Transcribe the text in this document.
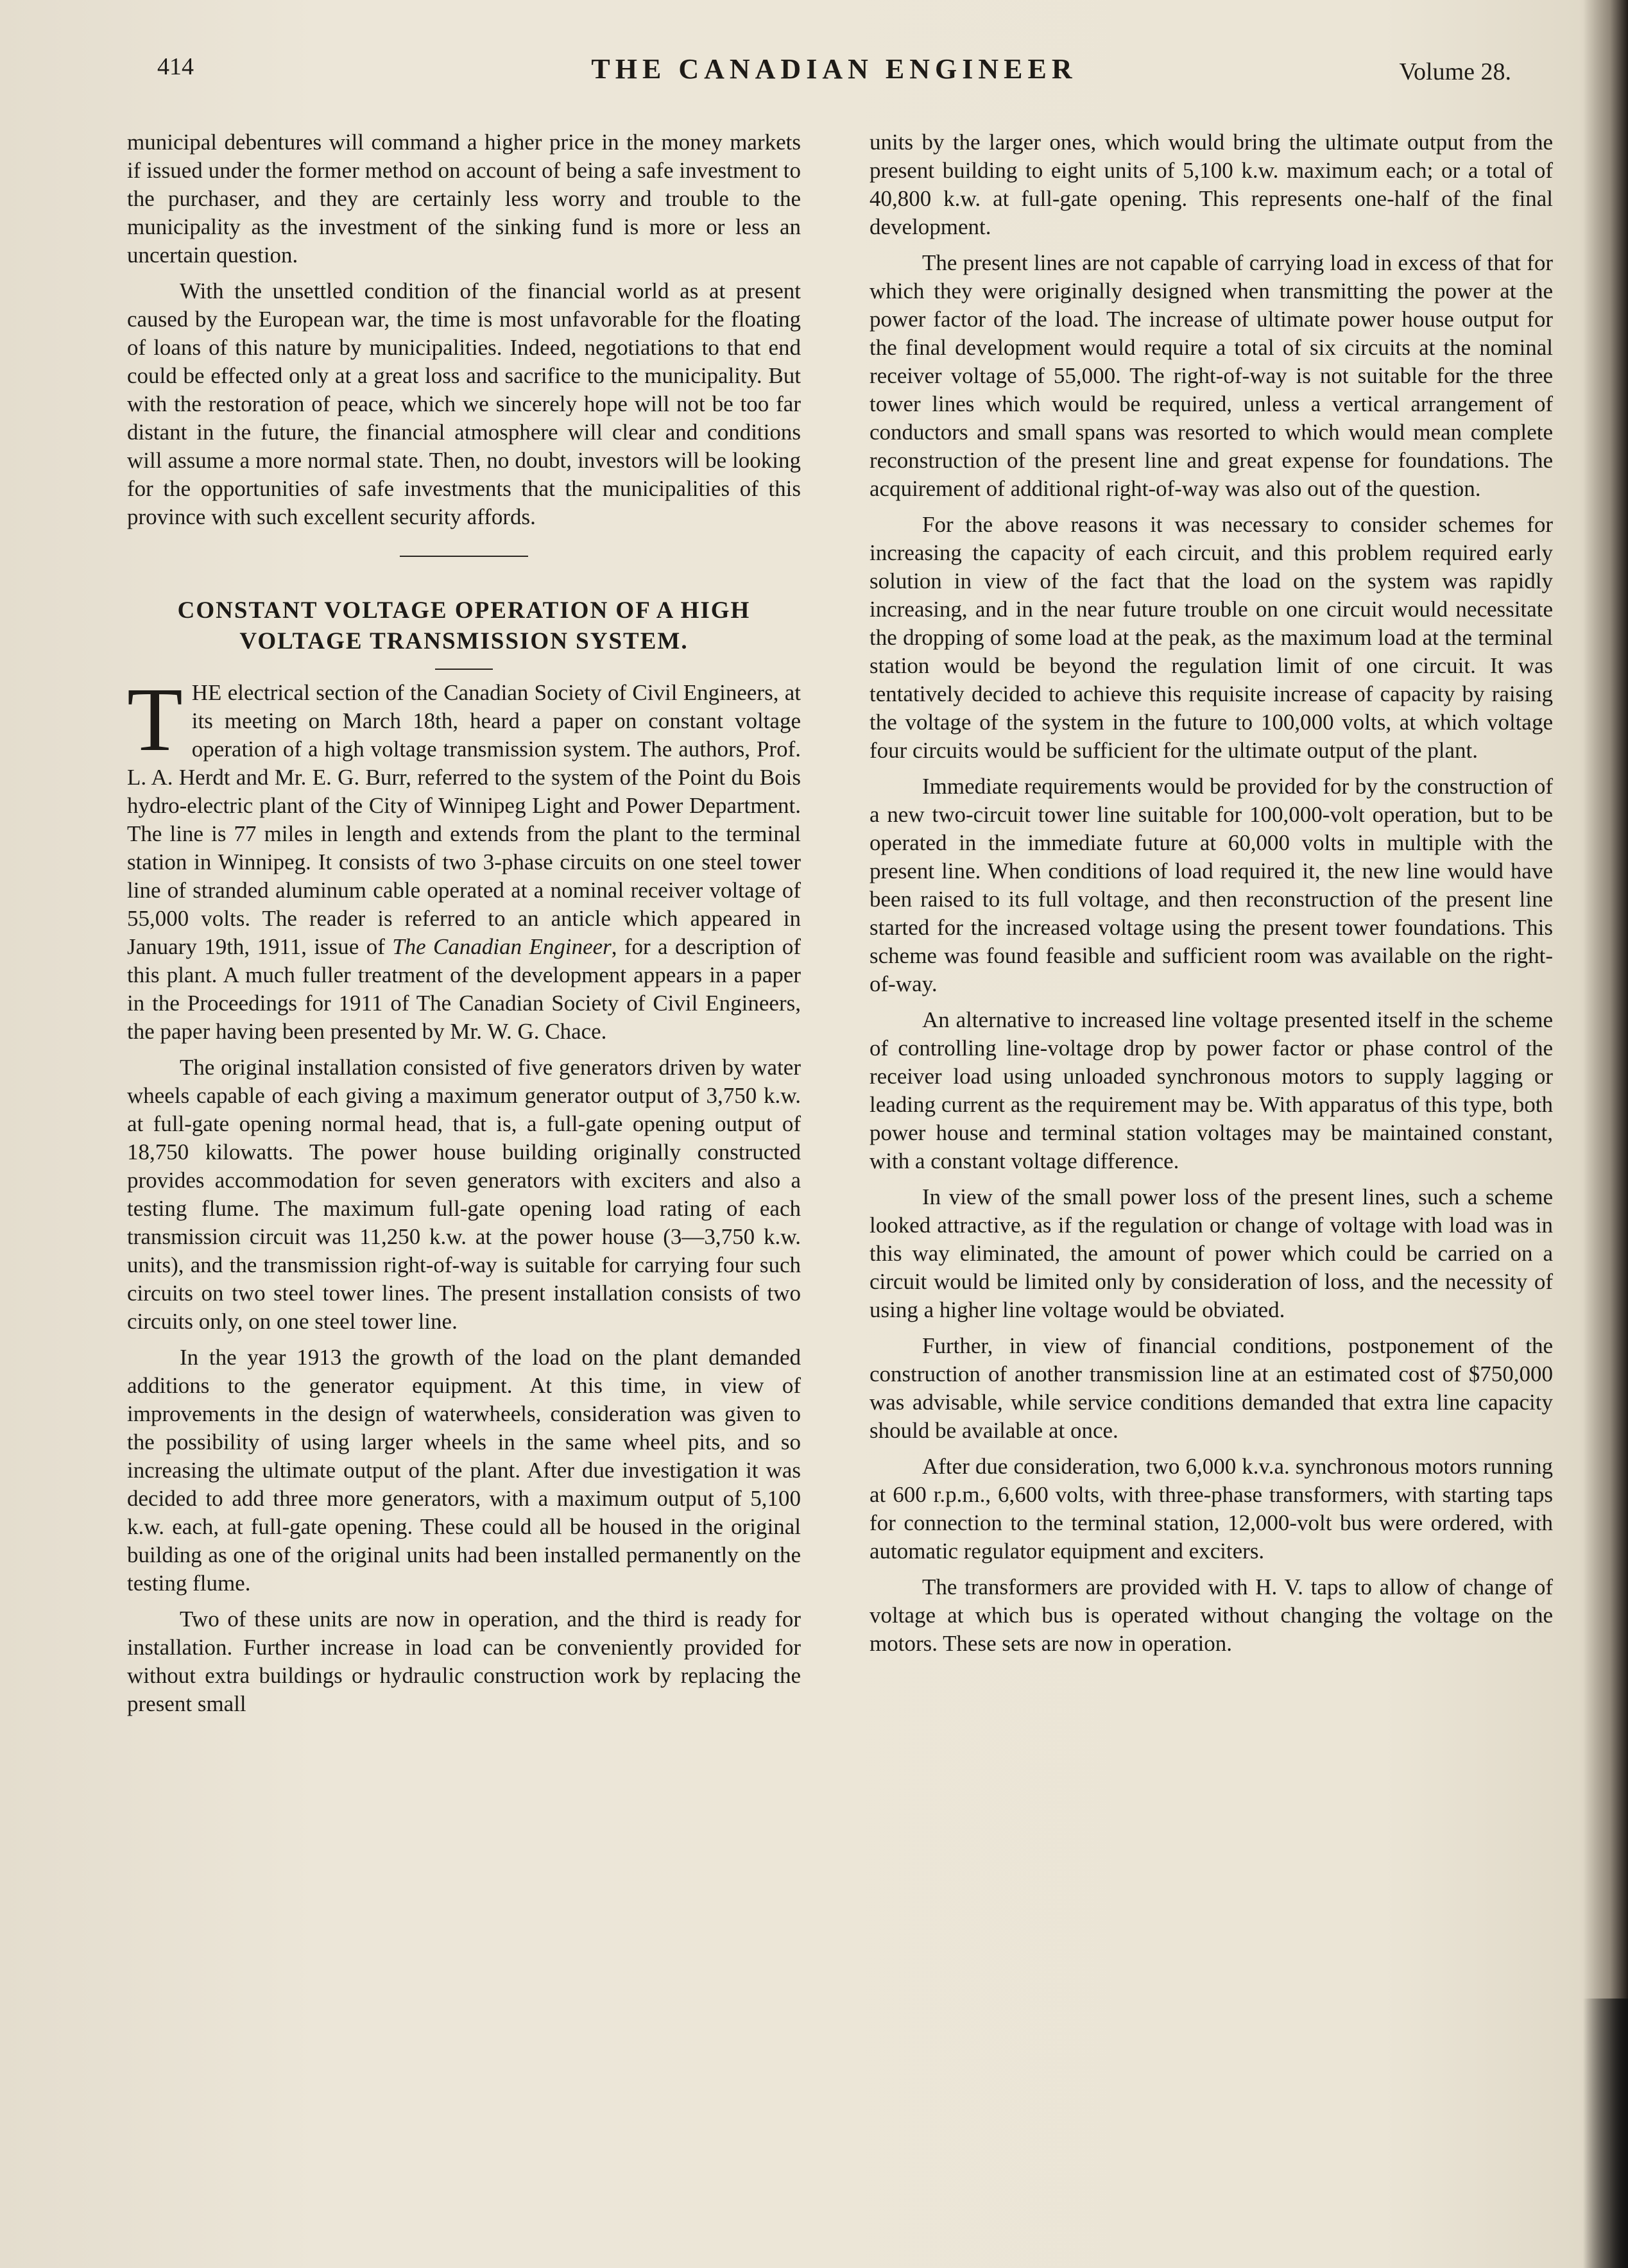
414	THE CANADIAN ENGINEER	Volume 28.

municipal debentures will command a higher price in the money markets if issued under the former method on account of being a safe investment to the purchaser, and they are certainly less worry and trouble to the municipality as the investment of the sinking fund is more or less an uncertain question.

With the unsettled condition of the financial world as at present caused by the European war, the time is most unfavorable for the floating of loans of this nature by municipalities. Indeed, negotiations to that end could be effected only at a great loss and sacrifice to the municipality. But with the restoration of peace, which we sincerely hope will not be too far distant in the future, the financial atmosphere will clear and conditions will assume a more normal state. Then, no doubt, investors will be looking for the opportunities of safe investments that the municipalities of this province with such excellent security affords.

CONSTANT VOLTAGE OPERATION OF A HIGH
VOLTAGE TRANSMISSION SYSTEM.

THE electrical section of the Canadian Society of Civil Engineers, at its meeting on March 18th, heard a paper on constant voltage operation of a high voltage transmission system. The authors, Prof. L. A. Herdt and Mr. E. G. Burr, referred to the system of the Point du Bois hydro-electric plant of the City of Winnipeg Light and Power Department. The line is 77 miles in length and extends from the plant to the terminal station in Winnipeg. It consists of two 3-phase circuits on one steel tower line of stranded aluminum cable operated at a nominal receiver voltage of 55,000 volts. The reader is referred to an anticle which appeared in January 19th, 1911, issue of The Canadian Engineer, for a description of this plant. A much fuller treatment of the development appears in a paper in the Proceedings for 1911 of The Canadian Society of Civil Engineers, the paper having been presented by Mr. W. G. Chace.

The original installation consisted of five generators driven by water wheels capable of each giving a maximum generator output of 3,750 k.w. at full-gate opening normal head, that is, a full-gate opening output of 18,750 kilowatts. The power house building originally constructed provides accommodation for seven generators with exciters and also a testing flume. The maximum full-gate opening load rating of each transmission circuit was 11,250 k.w. at the power house (3—3,750 k.w. units), and the transmission right-of-way is suitable for carrying four such circuits on two steel tower lines. The present installation consists of two circuits only, on one steel tower line.

In the year 1913 the growth of the load on the plant demanded additions to the generator equipment. At this time, in view of improvements in the design of waterwheels, consideration was given to the possibility of using larger wheels in the same wheel pits, and so increasing the ultimate output of the plant. After due investigation it was decided to add three more generators, with a maximum output of 5,100 k.w. each, at full-gate opening. These could all be housed in the original building as one of the original units had been installed permanently on the testing flume.

Two of these units are now in operation, and the third is ready for installation. Further increase in load can be conveniently provided for without extra buildings or hydraulic construction work by replacing the present small

units by the larger ones, which would bring the ultimate output from the present building to eight units of 5,100 k.w. maximum each; or a total of 40,800 k.w. at full-gate opening. This represents one-half of the final development.

The present lines are not capable of carrying load in excess of that for which they were originally designed when transmitting the power at the power factor of the load. The increase of ultimate power house output for the final development would require a total of six circuits at the nominal receiver voltage of 55,000. The right-of-way is not suitable for the three tower lines which would be required, unless a vertical arrangement of conductors and small spans was resorted to which would mean complete reconstruction of the present line and great expense for foundations. The acquirement of additional right-of-way was also out of the question.

For the above reasons it was necessary to consider schemes for increasing the capacity of each circuit, and this problem required early solution in view of the fact that the load on the system was rapidly increasing, and in the near future trouble on one circuit would necessitate the dropping of some load at the peak, as the maximum load at the terminal station would be beyond the regulation limit of one circuit. It was tentatively decided to achieve this requisite increase of capacity by raising the voltage of the system in the future to 100,000 volts, at which voltage four circuits would be sufficient for the ultimate output of the plant.

Immediate requirements would be provided for by the construction of a new two-circuit tower line suitable for 100,000-volt operation, but to be operated in the immediate future at 60,000 volts in multiple with the present line. When conditions of load required it, the new line would have been raised to its full voltage, and then reconstruction of the present line started for the increased voltage using the present tower foundations. This scheme was found feasible and sufficient room was available on the right-of-way.

An alternative to increased line voltage presented itself in the scheme of controlling line-voltage drop by power factor or phase control of the receiver load using unloaded synchronous motors to supply lagging or leading current as the requirement may be. With apparatus of this type, both power house and terminal station voltages may be maintained constant, with a constant voltage difference.

In view of the small power loss of the present lines, such a scheme looked attractive, as if the regulation or change of voltage with load was in this way eliminated, the amount of power which could be carried on a circuit would be limited only by consideration of loss, and the necessity of using a higher line voltage would be obviated.

Further, in view of financial conditions, postponement of the construction of another transmission line at an estimated cost of $750,000 was advisable, while service conditions demanded that extra line capacity should be available at once.

After due consideration, two 6,000 k.v.a. synchronous motors running at 600 r.p.m., 6,600 volts, with three-phase transformers, with starting taps for connection to the terminal station, 12,000-volt bus were ordered, with automatic regulator equipment and exciters.

The transformers are provided with H. V. taps to allow of change of voltage at which bus is operated without changing the voltage on the motors. These sets are now in operation.
